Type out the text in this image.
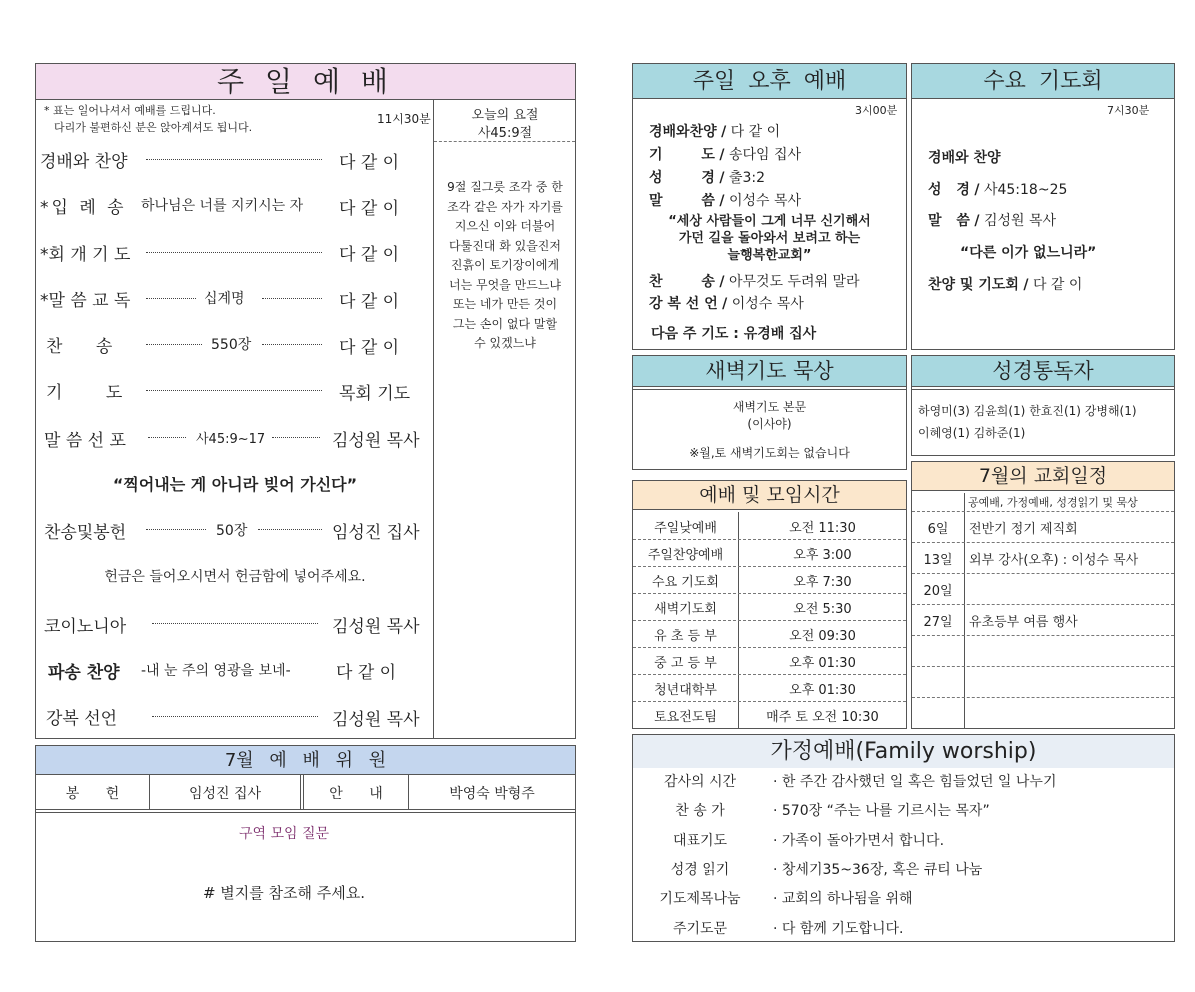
주 일 예 배
* 표는 일어나셔서 예배를 드립니다.
다리가 불편하신 분은 앉아계셔도 됩니다.
11시30분	오늘의 요절
사45:9절
9절 질그릇 조각 중 한
조각 같은 자가 자기를
지으신 이와 더불어
다툴진대 화 있을진저
진흙이 토기장이에게
너는 무엇을 만드느냐
또는 네가 만든 것이
그는 손이 없다 말할
수 있겠느냐
경배와 찬양	다 같 이
*입 례 송 하나님은 너를 지키시는 자 다 같 이
*회 개 기 도	다 같 이
*말 씀 교 독	십계명	다 같 이
찬 송	550장	다 같 이
기 도	목회 기도
말 씀 선 포	사45:9~17	김성원 목사
“찍어내는 게 아니라 빚어 가신다”
찬송및봉헌	50장	임성진 집사
헌금은 들어오시면서 헌금함에 넣어주세요.
코이노니아	김성원 목사
파송 찬양 -내 눈 주의 영광을 보네-	다 같 이
강복 선언	김성원 목사
7월 예 배 위 원
봉 헌	임성진 집사	안 내	박영숙 박형주
구역 모임 질문
# 별지를 참조해 주세요.
주일 오후 예배
3시00분
경배와찬양 / 다 같 이
기 도 / 송다임 집사
성 경 / 출3:2
말 씀 / 이성수 목사
“세상 사람들이 그게 너무 신기해서
가던 길을 돌아와서 보려고 하는
늘행복한교회”
찬 송 / 아무것도 두려워 말라
강 복 선 언 / 이성수 목사
다음 주 기도 : 유경배 집사
수요 기도회
7시30분
경배와 찬양
성 경 / 사45:18~25
말 씀 / 김성원 목사
“다른 이가 없느니라”
찬양 및 기도회 / 다 같 이
새벽기도 묵상
새벽기도 본문
(이사야)
※월,토 새벽기도회는 없습니다
성경통독자
하영미(3) 김윤희(1) 한효진(1) 강병해(1)
이혜영(1) 김하준(1)
예배 및 모임시간
주일낮예배	오전 11:30
주일찬양예배	오후 3:00
수요 기도회	오후 7:30
새벽기도회	오전 5:30
유 초 등 부	오전 09:30
중 고 등 부	오후 01:30
청년대학부	오후 01:30
토요전도팀	매주 토 오전 10:30
7월의 교회일정
공예배, 가정예배, 성경읽기 및 묵상
6일	전반기 정기 제직회
13일	외부 강사(오후) : 이성수 목사
20일
27일	유초등부 여름 행사
가정예배(Family worship)
감사의 시간	· 한 주간 감사했던 일 혹은 힘들었던 일 나누기
찬 송 가	· 570장 “주는 나를 기르시는 목자”
대표기도	· 가족이 돌아가면서 합니다.
성경 읽기	· 창세기35~36장, 혹은 큐티 나눔
기도제목나눔	· 교회의 하나됨을 위해
주기도문	· 다 함께 기도합니다.
